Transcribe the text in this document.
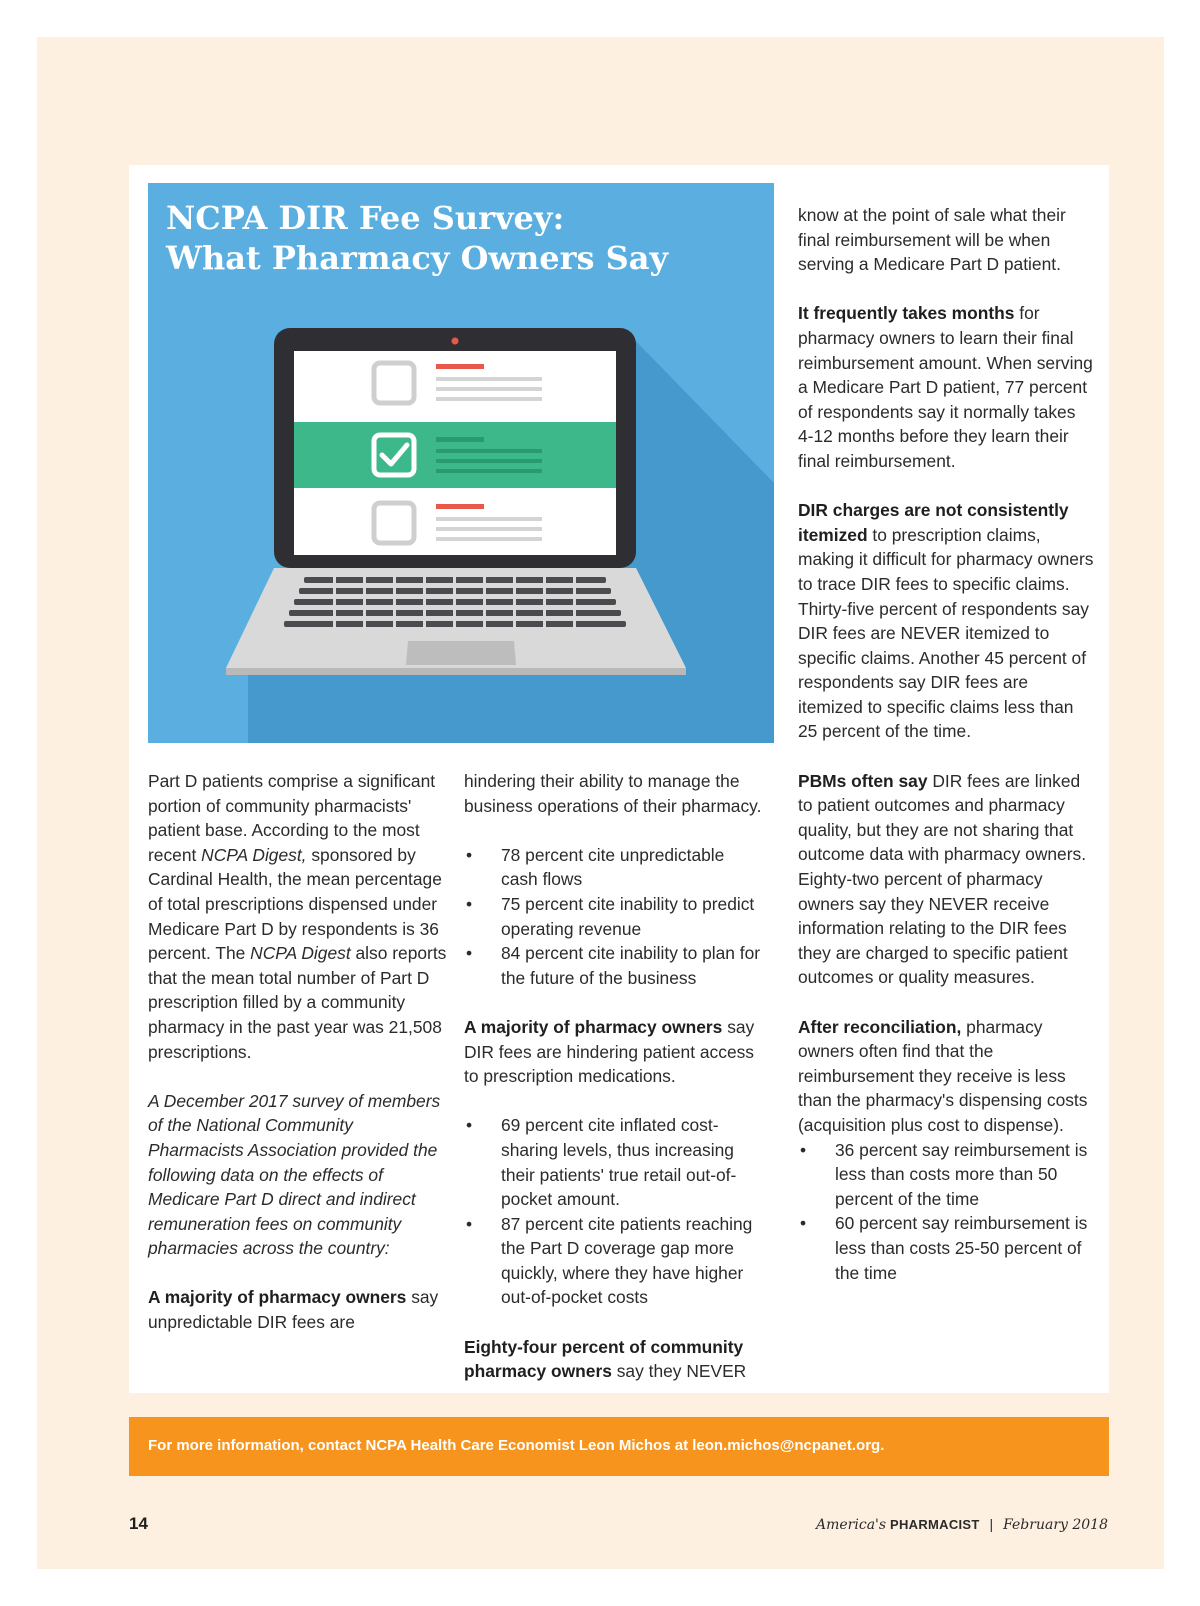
NCPA DIR Fee Survey:
What Pharmacy Owners Say

Part D patients comprise a significant portion of community pharmacists' patient base. According to the most recent NCPA Digest, sponsored by Cardinal Health, the mean percentage of total prescriptions dispensed under Medicare Part D by respondents is 36 percent. The NCPA Digest also reports that the mean total number of Part D prescription filled by a community pharmacy in the past year was 21,508 prescriptions.

A December 2017 survey of members of the National Community Pharmacists Association provided the following data on the effects of Medicare Part D direct and indirect remuneration fees on community pharmacies across the country:

A majority of pharmacy owners say unpredictable DIR fees are

hindering their ability to manage the business operations of their pharmacy.

• 78 percent cite unpredictable cash flows
• 75 percent cite inability to predict operating revenue
• 84 percent cite inability to plan for the future of the business

A majority of pharmacy owners say DIR fees are hindering patient access to prescription medications.

• 69 percent cite inflated cost-sharing levels, thus increasing their patients' true retail out-of-pocket amount.
• 87 percent cite patients reaching the Part D coverage gap more quickly, where they have higher out-of-pocket costs

Eighty-four percent of community pharmacy owners say they NEVER

know at the point of sale what their final reimbursement will be when serving a Medicare Part D patient.

It frequently takes months for pharmacy owners to learn their final reimbursement amount. When serving a Medicare Part D patient, 77 percent of respondents say it normally takes 4-12 months before they learn their final reimbursement.

DIR charges are not consistently itemized to prescription claims, making it difficult for pharmacy owners to trace DIR fees to specific claims. Thirty-five percent of respondents say DIR fees are NEVER itemized to specific claims. Another 45 percent of respondents say DIR fees are itemized to specific claims less than 25 percent of the time.

PBMs often say DIR fees are linked to patient outcomes and pharmacy quality, but they are not sharing that outcome data with pharmacy owners. Eighty-two percent of pharmacy owners say they NEVER receive information relating to the DIR fees they are charged to specific patient outcomes or quality measures.

After reconciliation, pharmacy owners often find that the reimbursement they receive is less than the pharmacy's dispensing costs (acquisition plus cost to dispense).

• 36 percent say reimbursement is less than costs more than 50 percent of the time
• 60 percent say reimbursement is less than costs 25-50 percent of the time
For more information, contact NCPA Health Care Economist Leon Michos at leon.michos@ncpanet.org.
14	America's PHARMACIST | February 2018
